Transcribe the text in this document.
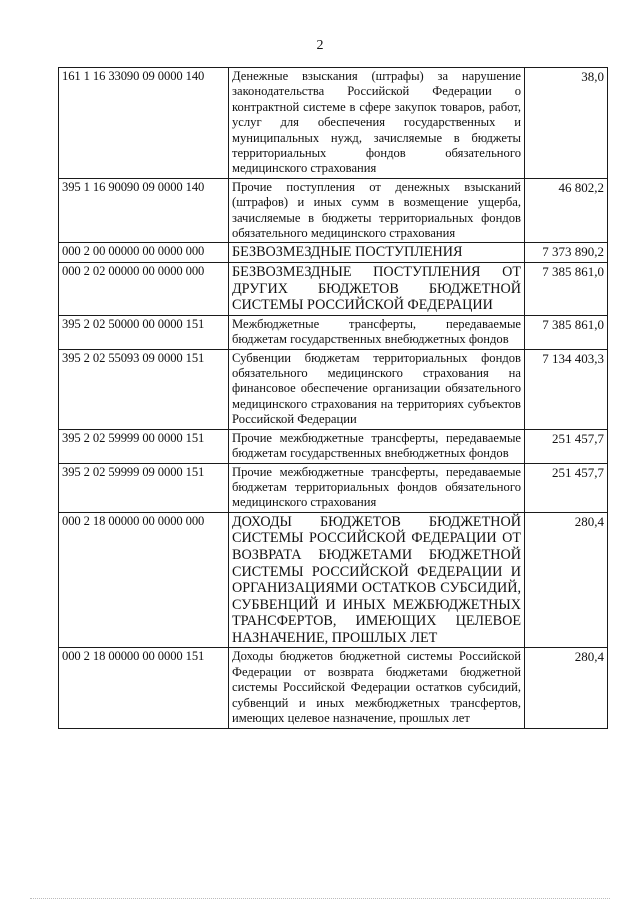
2
161 1 16 33090 09 0000 140	Денежные взыскания (штрафы) за нарушение законодательства Российской Федерации о контрактной системе в сфере закупок товаров, работ, услуг для обеспечения государственных и муниципальных нужд, зачисляемые в бюджеты территориальных фондов обязательного медицинского страхования	38,0
395 1 16 90090 09 0000 140	Прочие поступления от денежных взысканий (штрафов) и иных сумм в возмещение ущерба, зачисляемые в бюджеты территориальных фондов обязательного медицинского страхования	46 802,2
000 2 00 00000 00 0000 000	БЕЗВОЗМЕЗДНЫЕ ПОСТУПЛЕНИЯ	7 373 890,2
000 2 02 00000 00 0000 000	БЕЗВОЗМЕЗДНЫЕ ПОСТУПЛЕНИЯ ОТ ДРУГИХ БЮДЖЕТОВ БЮДЖЕТНОЙ СИСТЕМЫ РОССИЙСКОЙ ФЕДЕРАЦИИ	7 385 861,0
395 2 02 50000 00 0000 151	Межбюджетные трансферты, передаваемые бюджетам государственных внебюджетных фондов	7 385 861,0
395 2 02 55093 09 0000 151	Субвенции бюджетам территориальных фондов обязательного медицинского страхования на финансовое обеспечение организации обязательного медицинского страхования на территориях субъектов Российской Федерации	7 134 403,3
395 2 02 59999 00 0000 151	Прочие межбюджетные трансферты, передаваемые бюджетам государственных внебюджетных фондов	251 457,7
395 2 02 59999 09 0000 151	Прочие межбюджетные трансферты, передаваемые бюджетам территориальных фондов обязательного медицинского страхования	251 457,7
000 2 18 00000 00 0000 000	ДОХОДЫ БЮДЖЕТОВ БЮДЖЕТНОЙ СИСТЕМЫ РОССИЙСКОЙ ФЕДЕРАЦИИ ОТ ВОЗВРАТА БЮДЖЕТАМИ БЮДЖЕТНОЙ СИСТЕМЫ РОССИЙСКОЙ ФЕДЕРАЦИИ И ОРГАНИЗАЦИЯМИ ОСТАТКОВ СУБСИДИЙ, СУБВЕНЦИЙ И ИНЫХ МЕЖБЮДЖЕТНЫХ ТРАНСФЕРТОВ, ИМЕЮЩИХ ЦЕЛЕВОЕ НАЗНАЧЕНИЕ, ПРОШЛЫХ ЛЕТ	280,4
000 2 18 00000 00 0000 151	Доходы бюджетов бюджетной системы Российской Федерации от возврата бюджетами бюджетной системы Российской Федерации остатков субсидий, субвенций и иных межбюджетных трансфертов, имеющих целевое назначение, прошлых лет	280,4
